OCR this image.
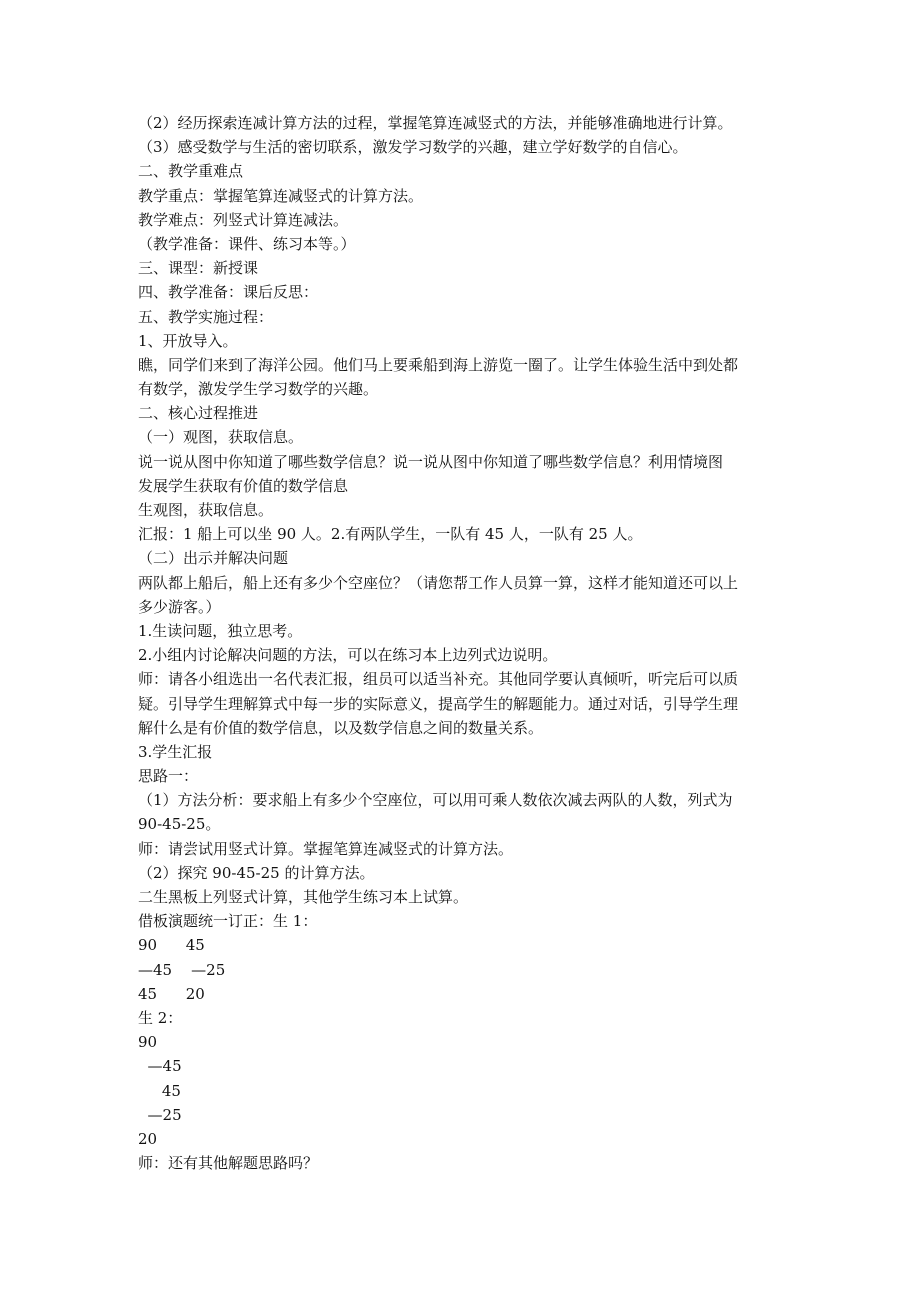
（2）经历探索连减计算方法的过程，掌握笔算连减竖式的方法，并能够准确地进行计算。
（3）感受数学与生活的密切联系，激发学习数学的兴趣，建立学好数学的自信心。
二、教学重难点
教学重点：掌握笔算连减竖式的计算方法。
教学难点：列竖式计算连减法。
（教学准备：课件、练习本等。）
三、课型：新授课
四、教学准备：课后反思：
五、教学实施过程：
1、开放导入。
瞧，同学们来到了海洋公园。他们马上要乘船到海上游览一圈了。让学生体验生活中到处都
有数学，激发学生学习数学的兴趣。
二、核心过程推进
（一）观图，获取信息。
说一说从图中你知道了哪些数学信息？说一说从图中你知道了哪些数学信息？利用情境图
发展学生获取有价值的数学信息
生观图，获取信息。
汇报：1 船上可以坐 90 人。2.有两队学生，一队有 45 人，一队有 25 人。
（二）出示并解决问题
两队都上船后，船上还有多少个空座位？（请您帮工作人员算一算，这样才能知道还可以上
多少游客。）
1.生读问题，独立思考。
2.小组内讨论解决问题的方法，可以在练习本上边列式边说明。
师：请各小组选出一名代表汇报，组员可以适当补充。其他同学要认真倾听，听完后可以质
疑。引导学生理解算式中每一步的实际意义，提高学生的解题能力。通过对话，引导学生理
解什么是有价值的数学信息，以及数学信息之间的数量关系。
3.学生汇报
思路一：
（1）方法分析：要求船上有多少个空座位，可以用可乘人数依次减去两队的人数，列式为
90-45-25。
师：请尝试用竖式计算。掌握笔算连减竖式的计算方法。
（2）探究 90-45-25 的计算方法。
二生黑板上列竖式计算，其他学生练习本上试算。
借板演题统一订正：生 1：
90      45
—45    —25
45      20
生 2：
90
—45
45
—25
20
师：还有其他解题思路吗？
